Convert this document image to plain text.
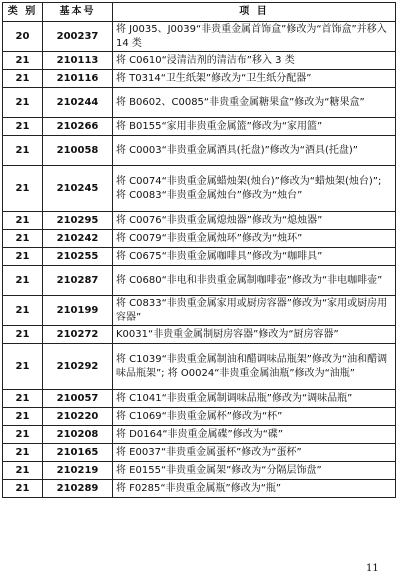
类 别	基本号	项 目
20	200237	将 J0035、J0039“非贵重金属首饰盒”修改为“首饰盒”并移入 14 类
21	210113	将 C0610“浸清洁剂的清洁布”移入 3 类
21	210116	将 T0314“卫生纸架”修改为“卫生纸分配器”
21	210244	将 B0602、C0085“非贵重金属糖果盒”修改为“糖果盒”
21	210266	将 B0155“家用非贵重金属篮”修改为“家用篮”
21	210058	将 C0003“非贵重金属酒具(托盘)”修改为“酒具(托盘)”
21	210245	将 C0074“非贵重金属蜡烛架(烛台)”修改为“蜡烛架(烛台)”; 将 C0083“非贵重金属烛台”修改为“烛台”
21	210295	将 C0076“非贵重金属熄烛器”修改为“熄烛器”
21	210242	将 C0079“非贵重金属烛环”修改为“烛环”
21	210255	将 C0675“非贵重金属咖啡具”修改为“咖啡具”
21	210287	将 C0680“非电和非贵重金属制咖啡壶”修改为“非电咖啡壶”
21	210199	将 C0833“非贵重金属家用或厨房容器”修改为“家用或厨房用容器”
21	210272	K0031“非贵重金属制厨房容器”修改为“厨房容器”
21	210292	将 C1039“非贵重金属制油和醋调味品瓶架”修改为“油和醋调味品瓶架”; 将 O0024“非贵重金属油瓶”修改为“油瓶”
21	210057	将 C1041“非贵重金属制调味品瓶”修改为“调味品瓶”
21	210220	将 C1069“非贵重金属杯”修改为“杯”
21	210208	将 D0164“非贵重金属碟”修改为“碟”
21	210165	将 E0037“非贵重金属蛋杯”修改为“蛋杯”
21	210219	将 E0155“非贵重金属架”修改为“分隔层饰盘”
21	210289	将 F0285“非贵重金属瓶”修改为“瓶”
11
